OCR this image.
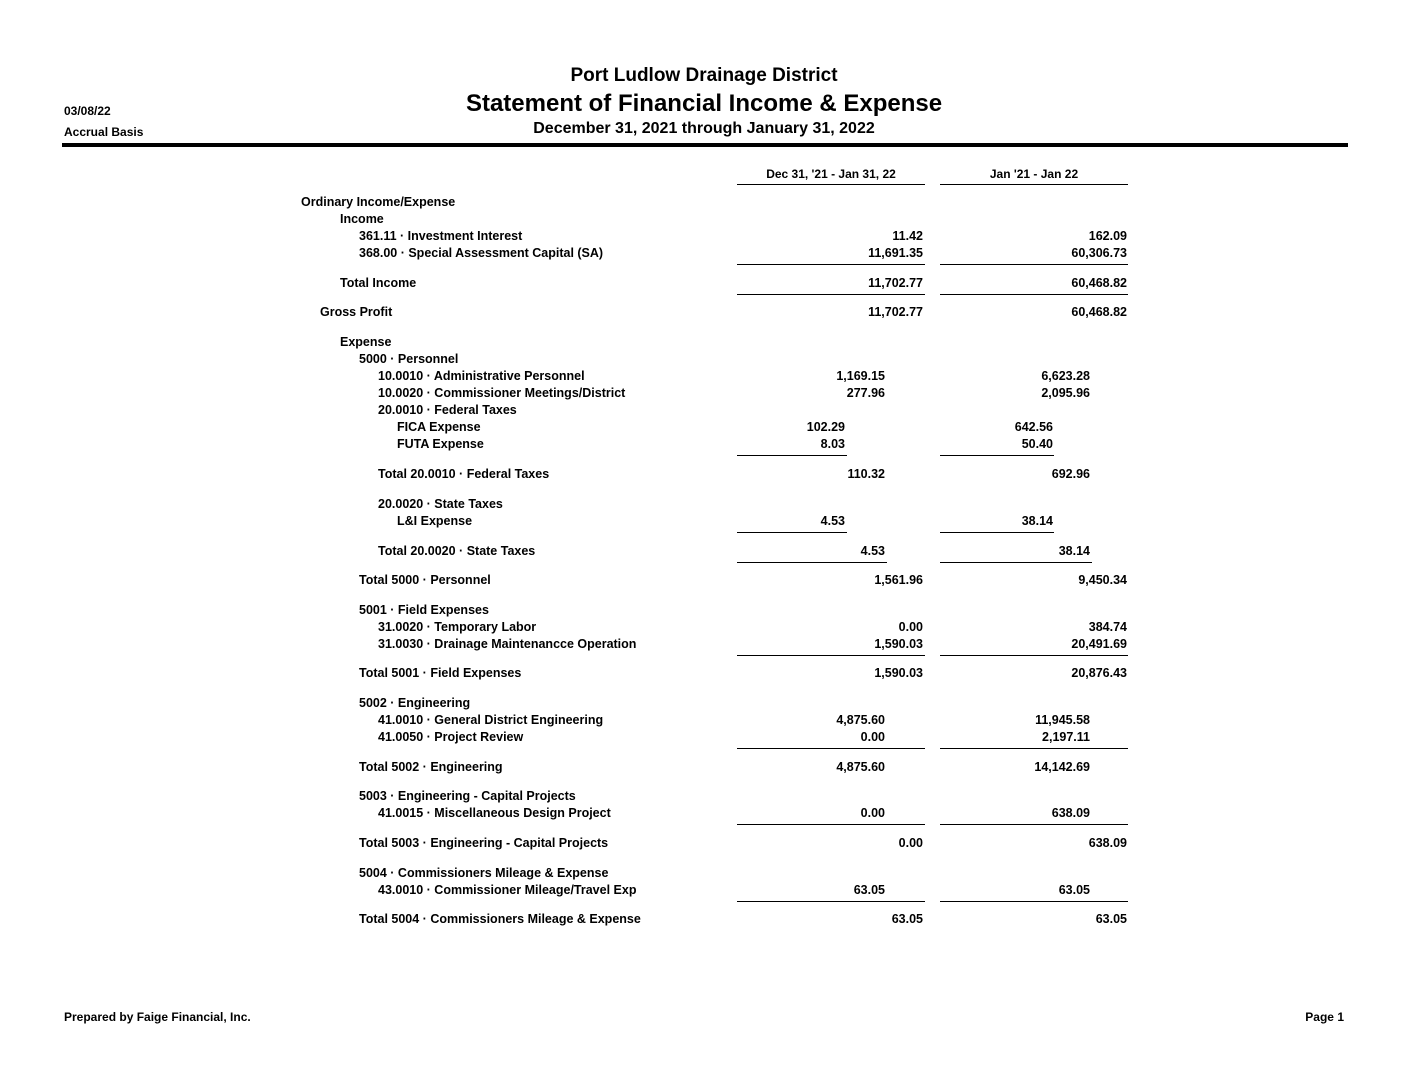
Port Ludlow Drainage District
Statement of Financial Income & Expense
December 31, 2021 through January 31, 2022
03/08/22
Accrual Basis
Dec 31, '21 - Jan 31, 22	Jan '21 - Jan 22
Ordinary Income/Expense
Income
361.11 · Investment Interest	11.42	162.09
368.00 · Special Assessment Capital (SA)	11,691.35	60,306.73
Total Income	11,702.77	60,468.82
Gross Profit	11,702.77	60,468.82
Expense
5000 · Personnel
10.0010 · Administrative Personnel	1,169.15	6,623.28
10.0020 · Commissioner Meetings/District	277.96	2,095.96
20.0010 · Federal Taxes
FICA Expense	102.29	642.56
FUTA Expense	8.03	50.40
Total 20.0010 · Federal Taxes	110.32	692.96
20.0020 · State Taxes
L&I Expense	4.53	38.14
Total 20.0020 · State Taxes	4.53	38.14
Total 5000 · Personnel	1,561.96	9,450.34
5001 · Field Expenses
31.0020 · Temporary Labor	0.00	384.74
31.0030 · Drainage Maintenancce Operation	1,590.03	20,491.69
Total 5001 · Field Expenses	1,590.03	20,876.43
5002 · Engineering
41.0010 · General District Engineering	4,875.60	11,945.58
41.0050 · Project Review	0.00	2,197.11
Total 5002 · Engineering	4,875.60	14,142.69
5003 · Engineering - Capital Projects
41.0015 · Miscellaneous Design Project	0.00	638.09
Total 5003 · Engineering - Capital Projects	0.00	638.09
5004 · Commissioners Mileage & Expense
43.0010 · Commissioner Mileage/Travel Exp	63.05	63.05
Total 5004 · Commissioners Mileage & Expense	63.05	63.05
Prepared by Faige Financial, Inc.	Page 1
